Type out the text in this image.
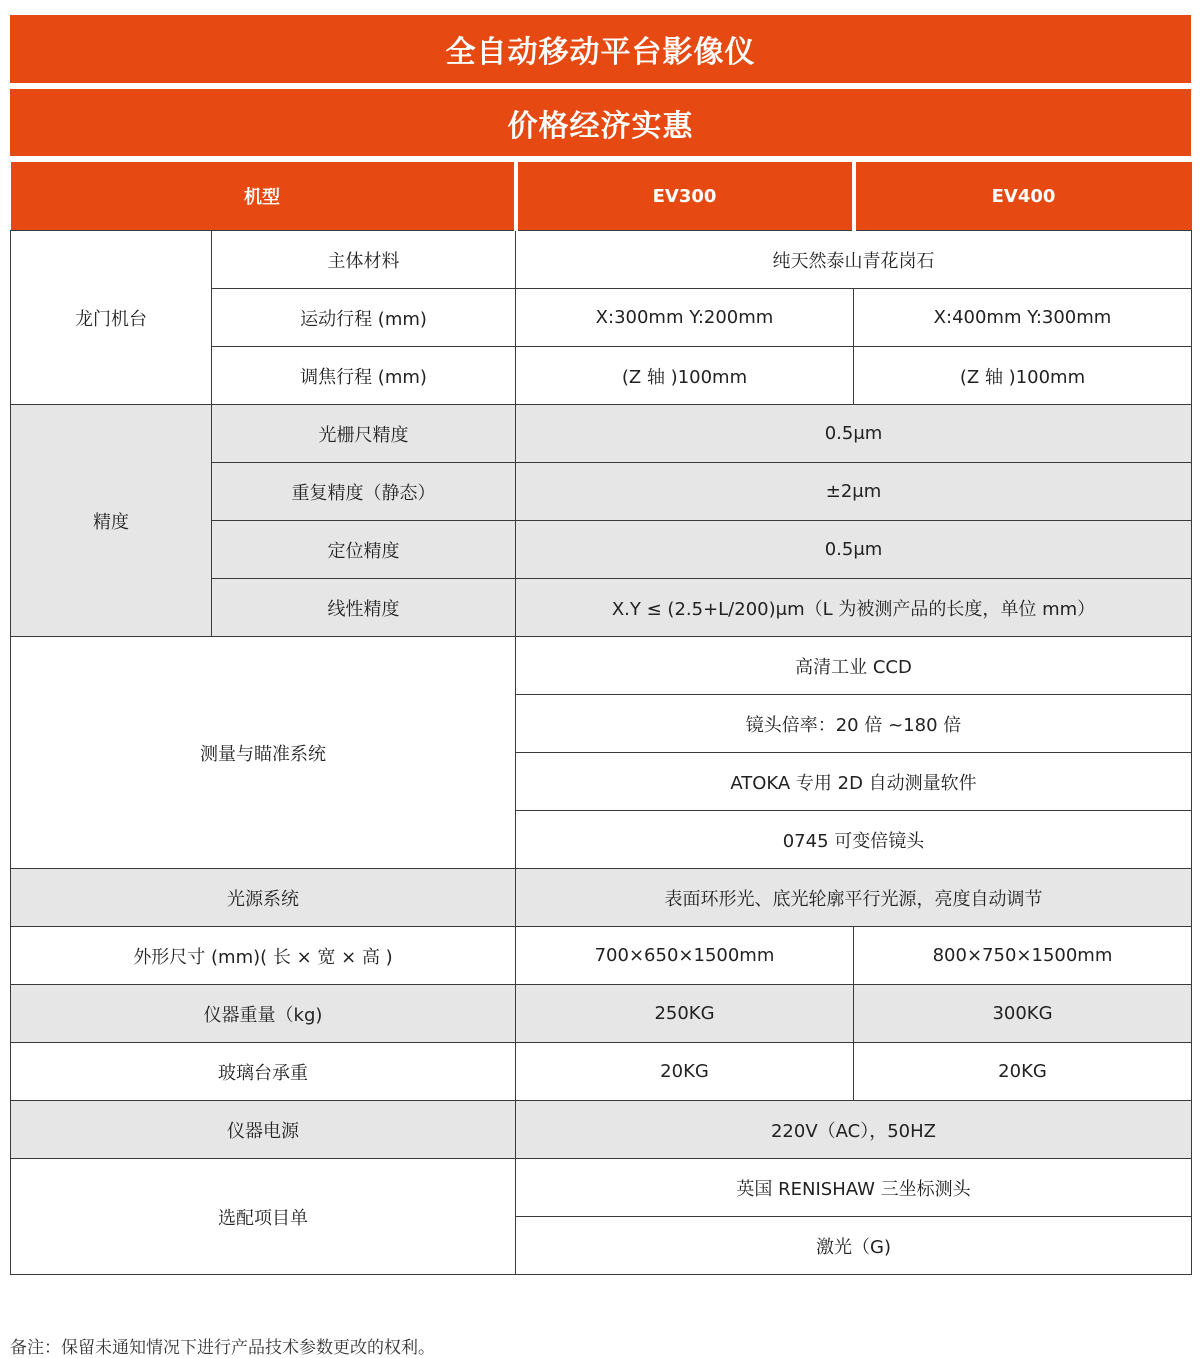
全自动移动平台影像仪
价格经济实惠
机型		EV300	EV400
龙门机台	主体材料	纯天然泰山青花岗石	
	运动行程 (mm)	X:300mm Y:200mm	X:400mm Y:300mm
	调焦行程 (mm)	(Z 轴 )100mm	(Z 轴 )100mm
精度	光栅尺精度	0.5μm	
	重复精度（静态）	±2μm	
	定位精度	0.5μm	
	线性精度	X.Y ≤ (2.5+L/200)μm（L 为被测产品的长度，单位 mm）	
测量与瞄准系统		高清工业 CCD	
		镜头倍率：20 倍 ~180 倍	
		ATOKA 专用 2D 自动测量软件	
		0745 可变倍镜头	
光源系统		表面环形光、底光轮廓平行光源，亮度自动调节	
外形尺寸 (mm)( 长 × 宽 × 高 )		700×650×1500mm	800×750×1500mm
仪器重量（kg)		250KG	300KG
玻璃台承重		20KG	20KG
仪器电源		220V（AC），50HZ	
选配项目单		英国 RENISHAW 三坐标测头	
		激光（G)	
备注：保留未通知情况下进行产品技术参数更改的权利。
